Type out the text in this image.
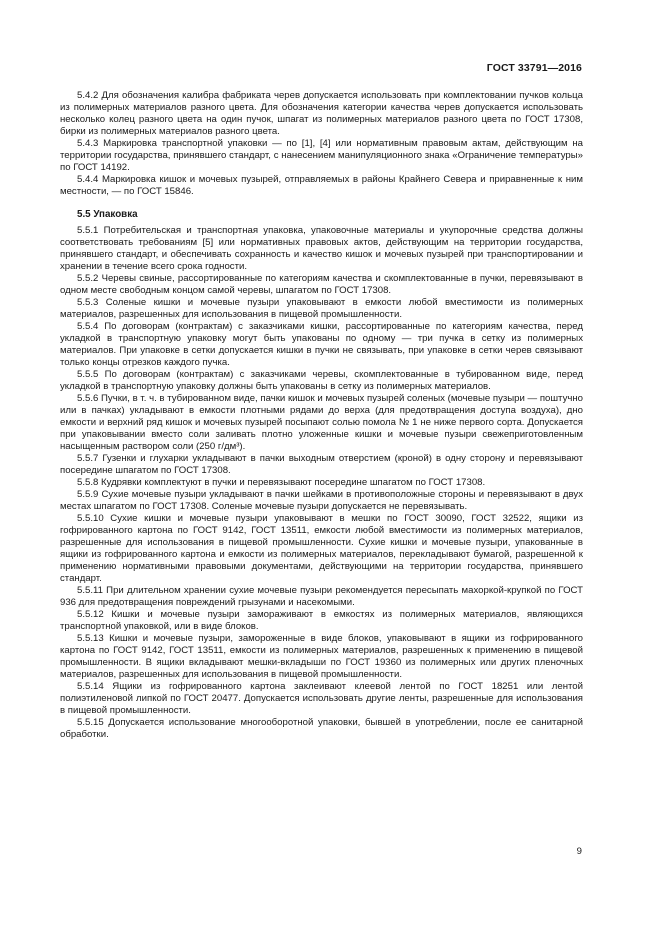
ГОСТ 33791—2016

5.4.2 Для обозначения калибра фабриката черев допускается использовать при комплектовании пучков кольца из полимерных материалов разного цвета. Для обозначения категории качества черев допускается использовать несколько колец разного цвета на один пучок, шпагат из полимерных материалов разного цвета по ГОСТ 17308, бирки из полимерных материалов разного цвета.

5.4.3 Маркировка транспортной упаковки — по [1], [4] или нормативным правовым актам, действующим на территории государства, принявшего стандарт, с нанесением манипуляционного знака «Ограничение температуры» по ГОСТ 14192.

5.4.4 Маркировка кишок и мочевых пузырей, отправляемых в районы Крайнего Севера и приравненные к ним местности, — по ГОСТ 15846.

5.5 Упаковка

5.5.1 Потребительская и транспортная упаковка, упаковочные материалы и укупорочные средства должны соответствовать требованиям [5] или нормативных правовых актов, действующим на территории государства, принявшего стандарт, и обеспечивать сохранность и качество кишок и мочевых пузырей при транспортировании и хранении в течение всего срока годности.

5.5.2 Черевы свиные, рассортированные по категориям качества и скомплектованные в пучки, перевязывают в одном месте свободным концом самой черевы, шпагатом по ГОСТ 17308.

5.5.3 Соленые кишки и мочевые пузыри упаковывают в емкости любой вместимости из полимерных материалов, разрешенных для использования в пищевой промышленности.

5.5.4 По договорам (контрактам) с заказчиками кишки, рассортированные по категориям качества, перед укладкой в транспортную упаковку могут быть упакованы по одному — три пучка в сетку из полимерных материалов. При упаковке в сетки допускается кишки в пучки не связывать, при упаковке в сетки черев связывают только концы отрезков каждого пучка.

5.5.5 По договорам (контрактам) с заказчиками черевы, скомплектованные в тубированном виде, перед укладкой в транспортную упаковку должны быть упакованы в сетку из полимерных материалов.

5.5.6 Пучки, в т. ч. в тубированном виде, пачки кишок и мочевых пузырей соленых (мочевые пузыри — поштучно или в пачках) укладывают в емкости плотными рядами до верха (для предотвращения доступа воздуха), дно емкости и верхний ряд кишок и мочевых пузырей посыпают солью помола № 1 не ниже первого сорта. Допускается при упаковывании вместо соли заливать плотно уложенные кишки и мочевые пузыри свежеприготовленным насыщенным раствором соли (250 г/дм³).

5.5.7 Гузенки и глухарки укладывают в пачки выходным отверстием (кроной) в одну сторону и перевязывают посередине шпагатом по ГОСТ 17308.

5.5.8 Кудрявки комплектуют в пучки и перевязывают посередине шпагатом по ГОСТ 17308.

5.5.9 Сухие мочевые пузыри укладывают в пачки шейками в противоположные стороны и перевязывают в двух местах шпагатом по ГОСТ 17308. Соленые мочевые пузыри допускается не перевязывать.

5.5.10 Сухие кишки и мочевые пузыри упаковывают в мешки по ГОСТ 30090, ГОСТ 32522, ящики из гофрированного картона по ГОСТ 9142, ГОСТ 13511, емкости любой вместимости из полимерных материалов, разрешенные для использования в пищевой промышленности. Сухие кишки и мочевые пузыри, упакованные в ящики из гофрированного картона и емкости из полимерных материалов, перекладывают бумагой, разрешенной к применению нормативными правовыми документами, действующими на территории государства, принявшего стандарт.

5.5.11 При длительном хранении сухие мочевые пузыри рекомендуется пересыпать махоркой-крупкой по ГОСТ 936 для предотвращения повреждений грызунами и насекомыми.

5.5.12 Кишки и мочевые пузыри замораживают в емкостях из полимерных материалов, являющихся транспортной упаковкой, или в виде блоков.

5.5.13 Кишки и мочевые пузыри, замороженные в виде блоков, упаковывают в ящики из гофрированного картона по ГОСТ 9142, ГОСТ 13511, емкости из полимерных материалов, разрешенных к применению в пищевой промышленности. В ящики вкладывают мешки-вкладыши по ГОСТ 19360 из полимерных или других пленочных материалов, разрешенных для использования в пищевой промышленности.

5.5.14 Ящики из гофрированного картона заклеивают клеевой лентой по ГОСТ 18251 или лентой полиэтиленовой липкой по ГОСТ 20477. Допускается использовать другие ленты, разрешенные для использования в пищевой промышленности.

5.5.15 Допускается использование многооборотной упаковки, бывшей в употреблении, после ее санитарной обработки.

9
